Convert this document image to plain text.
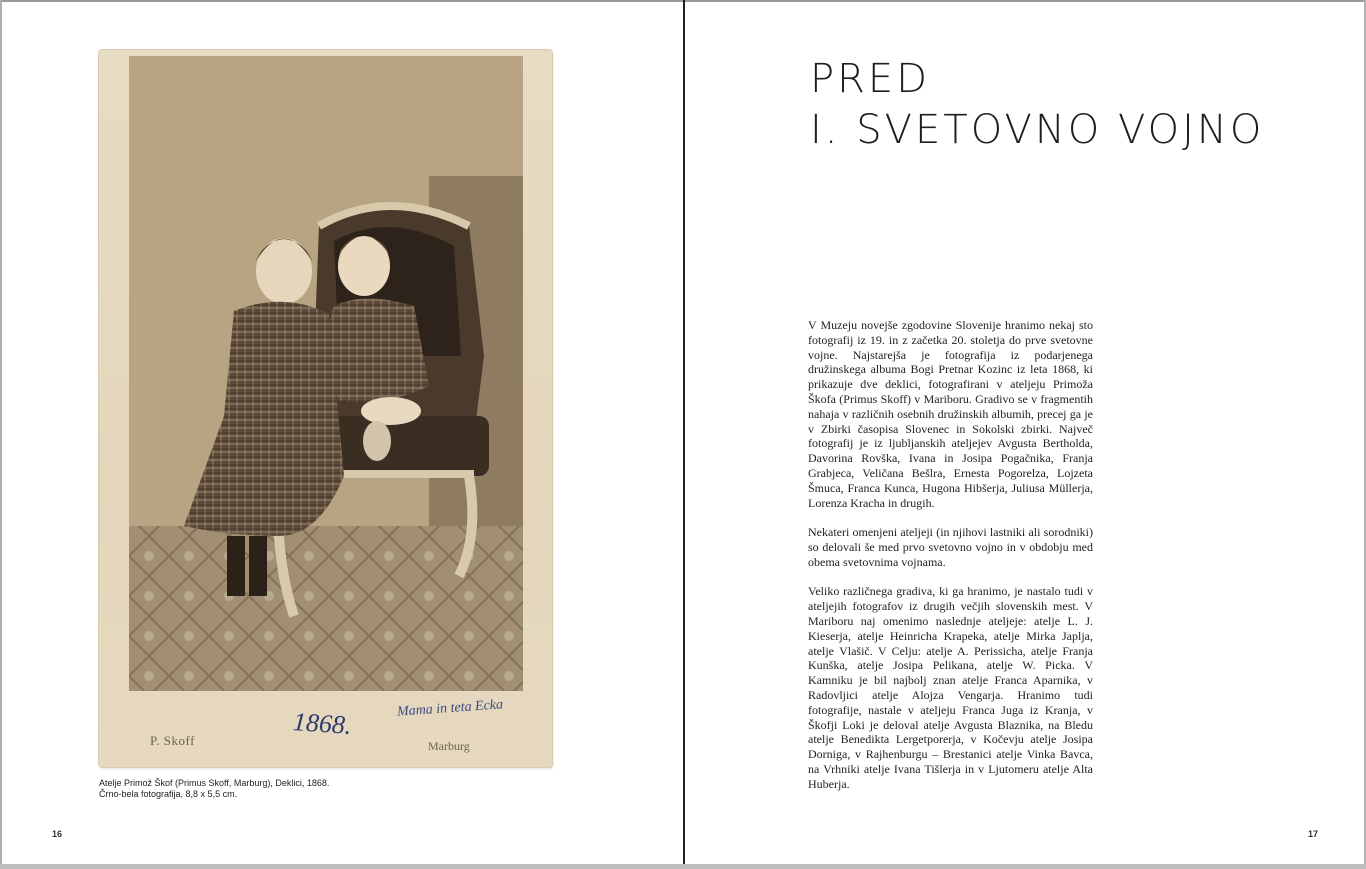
1868.	Mama in teta Ecka
P. Skoff	Marburg
Atelje Primož Škof (Primus Skoff, Marburg), Deklici, 1868.
Črno-bela fotografija, 8,8 x 5,5 cm.
16
PRED
I. SVETOVNO VOJNO

V Muzeju novejše zgodovine Slovenije hranimo nekaj sto fotografij iz 19. in z začetka 20. stoletja do prve svetovne vojne. Najstarejša je fotografija iz podarjenega družinskega albuma Bogi Pretnar Kozinc iz leta 1868, ki prikazuje dve deklici, fotografirani v ateljeju Primoža Škofa (Primus Skoff) v Mariboru. Gradivo se v fragmentih nahaja v različnih osebnih družinskih albumih, precej ga je v Zbirki časopisa Slovenec in Sokolski zbirki. Največ fotografij je iz ljubljanskih ateljejev Avgusta Bertholda, Davorina Rovška, Ivana in Josipa Pogačnika, Franja Grabjeca, Veličana Bešlra, Ernesta Pogorelza, Lojzeta Šmuca, Franca Kunca, Hugona Hibšerja, Juliusa Müllerja, Lorenza Kracha in drugih.

Nekateri omenjeni ateljeji (in njihovi lastniki ali sorodniki) so delovali še med prvo svetovno vojno in v obdobju med obema svetovnima vojnama.

Veliko različnega gradiva, ki ga hranimo, je nastalo tudi v ateljejih fotografov iz drugih večjih slovenskih mest. V Mariboru naj omenimo naslednje ateljeje: atelje L. J. Kieserja, atelje Heinricha Krapeka, atelje Mirka Japlja, atelje Vlašič. V Celju: atelje A. Perissicha, atelje Franja Kunška, atelje Josipa Pelikana, atelje W. Picka. V Kamniku je bil najbolj znan atelje Franca Aparnika, v Radovljici atelje Alojza Vengarja. Hranimo tudi fotografije, nastale v ateljeju Franca Juga iz Kranja, v Škofji Loki je deloval atelje Avgusta Blaznika, na Bledu atelje Benedikta Lergetporerja, v Kočevju atelje Josipa Dorniga, v Rajhenburgu – Brestanici atelje Vinka Bavca, na Vrhniki atelje Ivana Tišlerja in v Ljutomeru atelje Alta Huberja.

17
